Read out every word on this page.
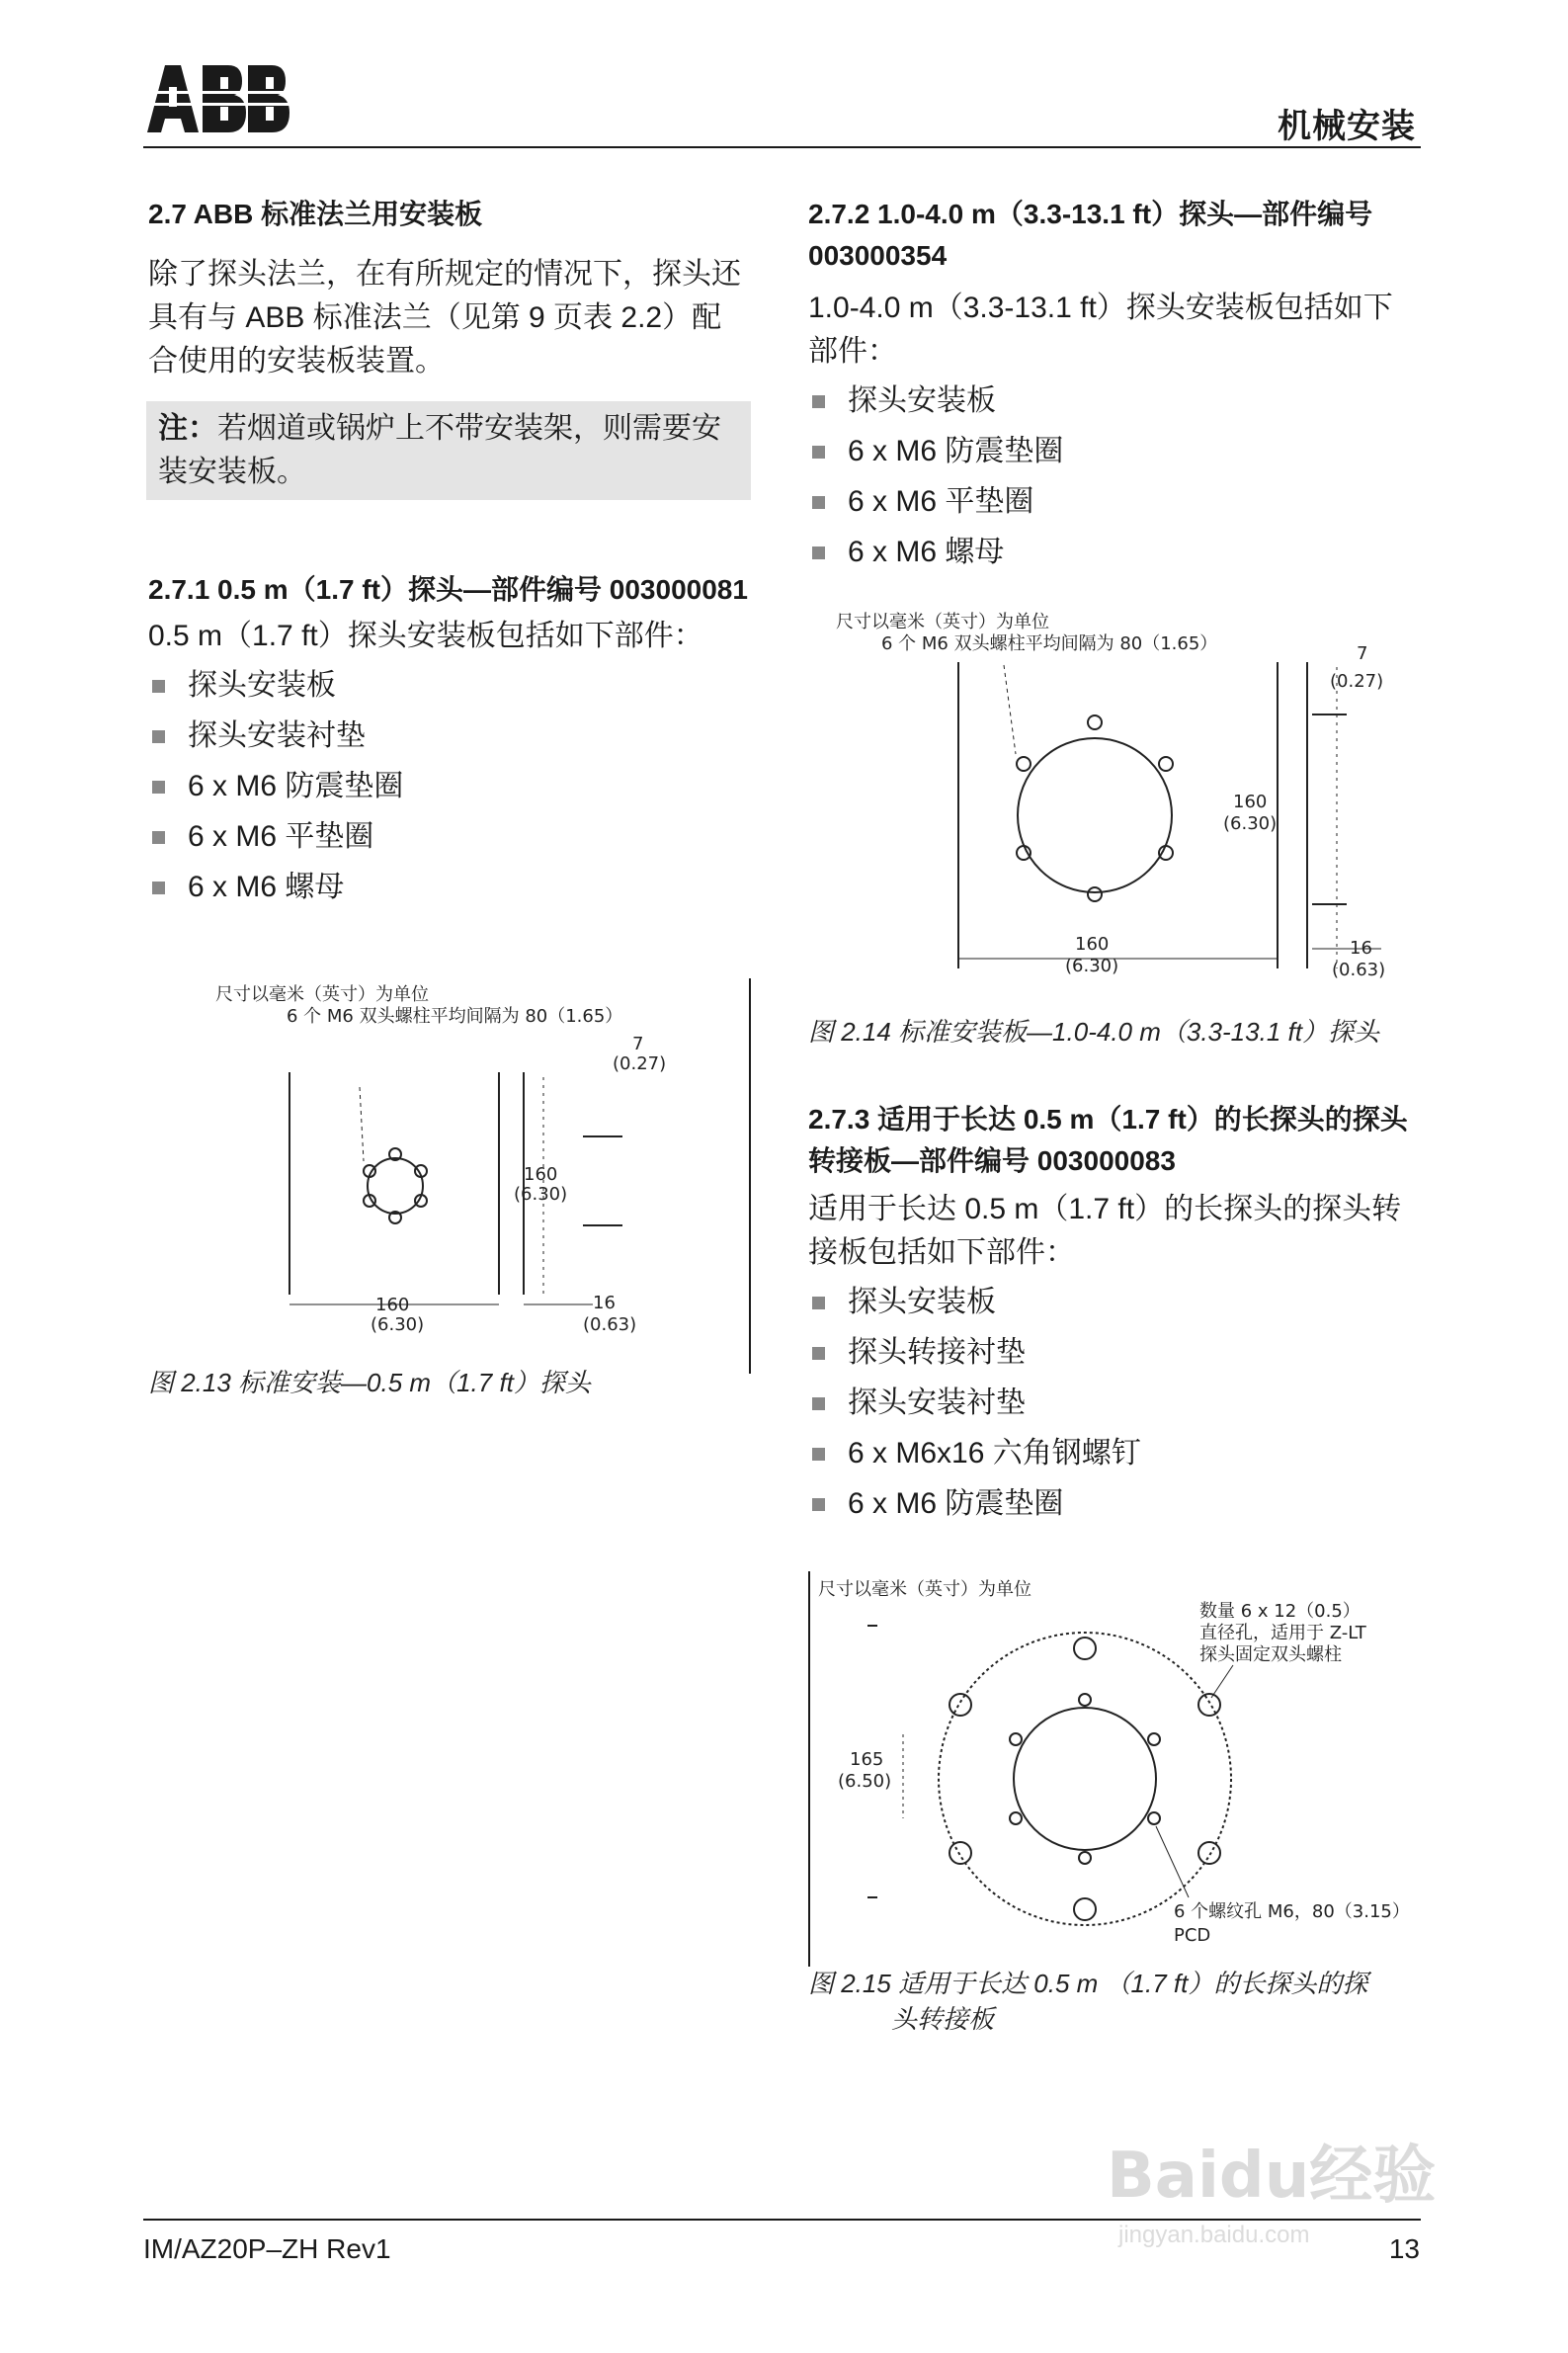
机械安装
2.7 ABB 标准法兰用安装板

除了探头法兰，在有所规定的情况下，探头还具有与 ABB 标准法兰（见第 9 页表 2.2）配合使用的安装板装置。

注：若烟道或锅炉上不带安装架，则需要安装安装板。
2.7.1 0.5 m（1.7 ft）探头—部件编号 003000081

0.5 m（1.7 ft）探头安装板包括如下部件：

探头安装板
探头安装衬垫
6 x M6 防震垫圈
6 x M6 平垫圈
6 x M6 螺母
尺寸以毫米（英寸）为单位
6 个 M6 双头螺柱平均间隔为 80（1.65）
7
(0.27)
160
(6.30)
160
(6.30)
16
(0.63)
图 2.13 标准安装—0.5 m（1.7 ft）探头
2.7.2 1.0-4.0 m（3.3-13.1 ft）探头—部件编号 003000354

1.0-4.0 m（3.3-13.1 ft）探头安装板包括如下部件：

探头安装板
6 x M6 防震垫圈
6 x M6 平垫圈
6 x M6 螺母
尺寸以毫米（英寸）为单位
6 个 M6 双头螺柱平均间隔为 80（1.65）	7
(0.27)
160
(6.30)
160
(6.30)
16
(0.63)
图 2.14 标准安装板—1.0-4.0 m（3.3-13.1 ft）探头
2.7.3 适用于长达 0.5 m（1.7 ft）的长探头的探头转接板—部件编号 003000083

适用于长达 0.5 m（1.7 ft）的长探头的探头转接板包括如下部件：

探头安装板
探头转接衬垫
探头安装衬垫
6 x M6x16 六角钢螺钉
6 x M6 防震垫圈
尺寸以毫米（英寸）为单位
数量 6 x 12（0.5）
直径孔，适用于 Z-LT
探头固定双头螺柱
165
(6.50)
6 个螺纹孔 M6，80（3.15）
PCD
图 2.15 适用于长达 0.5 m （1.7 ft）的长探头的探
头转接板
Baidu经验
jingyan.baidu.com
IM/AZ20P–ZH Rev1	13
